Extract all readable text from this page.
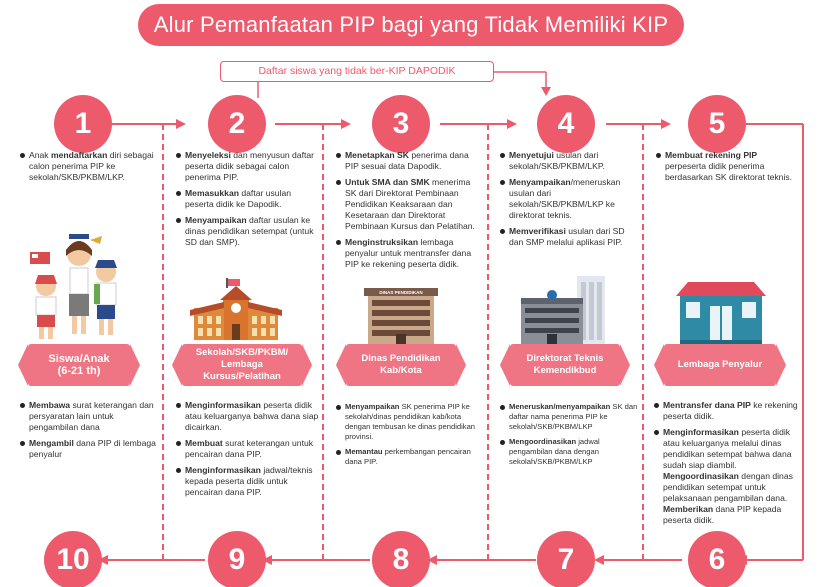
Alur Pemanfaatan PIP bagi yang Tidak Memiliki KIP
Daftar siswa yang tidak ber-KIP DAPODIK
1	2	3	4	5
10	9	8	7	6
Anak mendaftarkan diri sebagai calon penerima PIP ke sekolah/SKB/PKBM/LKP.
Menyeleksi dan menyusun daftar peserta didik sebagai calon penerima PIP.
Memasukkan daftar usulan peserta didik ke Dapodik.
Menyampaikan daftar usulan ke dinas pendidikan setempat (untuk SD dan SMP).
Menetapkan SK penerima dana PIP sesuai data Dapodik.
Untuk SMA dan SMK menerima SK dari Direktorat Pembinaan Pendidikan Keaksaraan dan Kesetaraan dan Direktorat Pembinaan Kursus dan Pelatihan.
Menginstruksikan lembaga penyalur untuk mentransfer dana PIP ke rekening peserta didik.
Menyetujui usulan dari sekolah/SKB/PKBM/LKP.
Menyampaikan/meneruskan usulan dari sekolah/SKB/PKBM/LKP ke direktorat teknis.
Memverifikasi usulan dari SD dan SMP melalui aplikasi PIP.
Membuat rekening PIP perpeserta didik penerima berdasarkan SK direktorat teknis.
DINAS PENDIDIKAN
Siswa/Anak
(6-21 th)
Sekolah/SKB/PKBM/
Lembaga Kursus/Pelatihan
Dinas Pendidikan
Kab/Kota
Direktorat Teknis
Kemendikbud
Lembaga Penyalur
Membawa surat keterangan dan persyaratan lain untuk pengambilan dana
Mengambil dana PIP di lembaga penyalur
Menginformasikan peserta didik atau keluarganya bahwa dana siap dicairkan.
Membuat surat keterangan untuk pencairan dana PIP.
Menginformasikan jadwal/teknis kepada peserta didik untuk pencairan dana PIP.
Menyampaikan SK penerima PIP ke sekolah/dinas pendidikan kab/kota dengan tembusan ke dinas pendidikan provinsi.
Memantau perkembangan pencairan dana PIP.
Meneruskan/menyampaikan SK dan daftar nama penerima PIP ke sekolah/SKB/PKBM/LKP
Mengoordinasikan jadwal pengambilan dana dengan sekolah/SKB/PKBM/LKP
Mentransfer dana PIP ke rekening peserta didik.
Menginformasikan peserta didik atau keluarganya melalui dinas pendidikan setempat bahwa dana sudah siap diambil.
Mengoordinasikan dengan dinas pendidikan setempat untuk pelaksanaan pengambilan dana.
Memberikan dana PIP kepada peserta didik.
